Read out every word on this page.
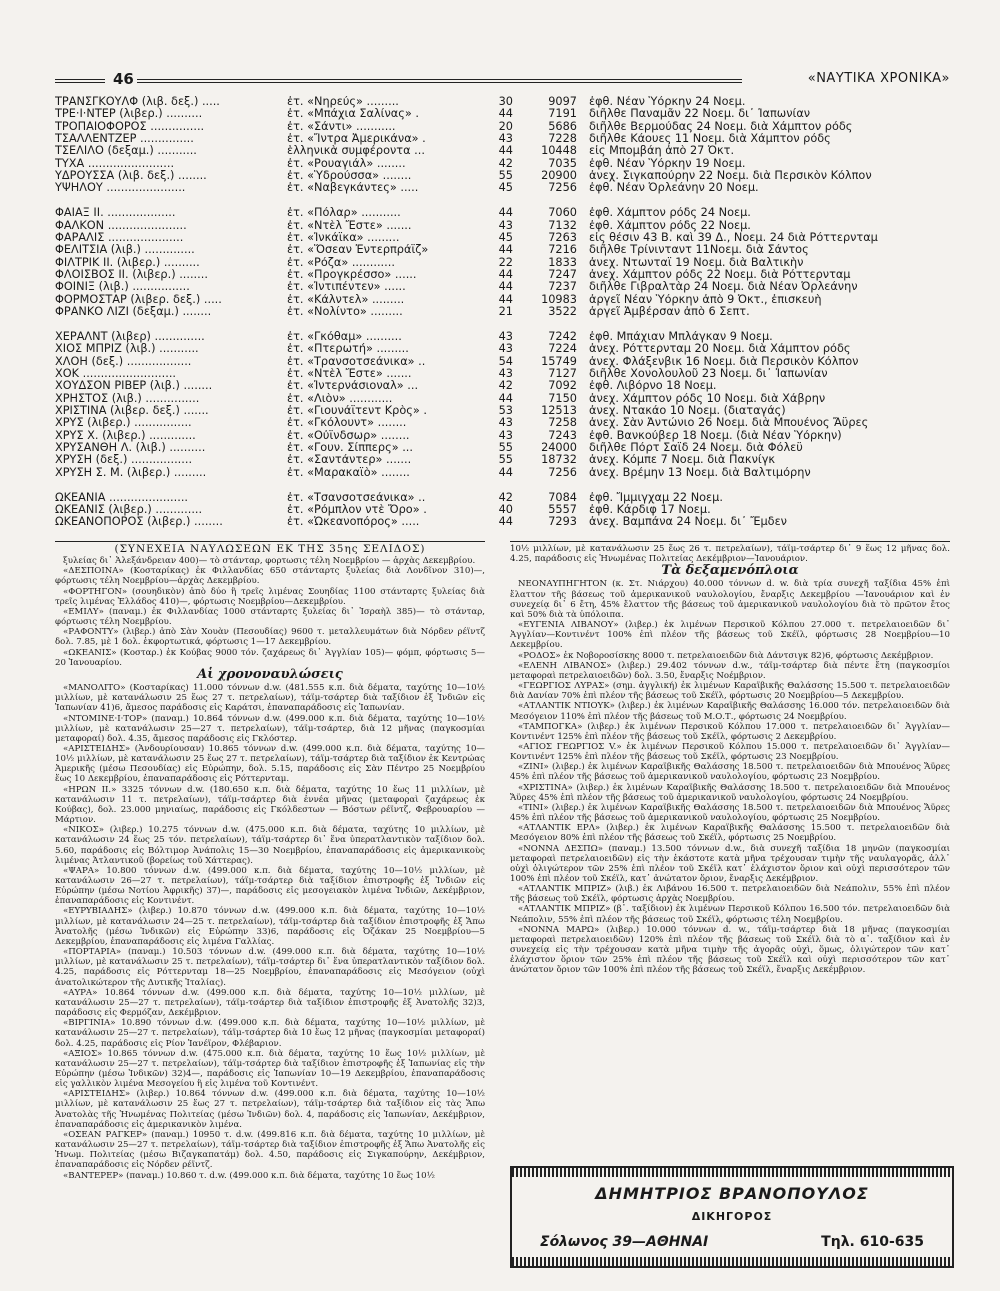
46	«ΝΑΥΤΙΚΑ ΧΡΟΝΙΚΑ»
ΤΡΑΝΣΓΚΟΥΛΦ (λιβ. δεξ.) .....	ἐτ. «Νηρεύς» .........	30	9097	ἐφθ. Νέαν Ὑόρκην 24 Νοεμ.
ΤΡΕ·Ι·ΝΤΕΡ (λιβερ.) ..........	ἐτ. «Μπάχια Σαλίνας» .	44	7191	διῆλθε Παναμᾶν 22 Νοεμ. δι᾽ Ἰαπωνίαν
ΤΡΟΠΑΙΟΦΟΡΟΣ ...............	ἐτ. «Σάντι» ...........	20	5686	διῆλθε Βερμούδας 24 Νοεμ. διὰ Χάμπτον ρόδς
ΤΣΑΛΛΕΝΤΖΕΡ ...............	ἐτ. «Ἴντρα Ἀμερικάνα» .	43	7228	διῆλθε Κάουες 11 Νοεμ. διὰ Χάμπτον ρόδς
ΤΣΕΛΙΛΟ (δεξαμ.) ...........	ἑλληνικὰ συμφέροντα ...	44	10448	εἰς Μπομβάη ἀπὸ 27 Ὀκτ.
ΤΥΧΑ ........................	ἐτ. «Ρουαγιάλ» ........	42	7035	ἐφθ. Νέαν Ὑόρκην 19 Νοεμ.
ΥΔΡΟΥΣΣΑ (λιβ. δεξ.) ........	ἐτ. «Ὑδρούσσα» ........	55	20900	ἀνεχ. Σιγκαπούρην 22 Νοεμ. διὰ Περσικὸν Κόλπον
ΥΨΗΛΟΥ ......................	ἐτ. «Ναβεγκάντες» .....	45	7256	ἐφθ. Νέαν Ὀρλεάνην 20 Νοεμ.
ΦΑΙΑΞ ΙΙ. ...................	ἐτ. «Πόλαρ» ...........	44	7060	ἐφθ. Χάμπτον ρόδς 24 Νοεμ.
ΦΑΛΚΟΝ ......................	ἐτ. «Ντὲλ Ἔστε» .......	43	7132	ἐφθ. Χάμπτον ρόδς 22 Νοεμ.
ΦΑΡΑΛΙΣ .....................	ἐτ. «Ἰνκάϊκα» .........	45	7263	εἰς θέσιν 43 Β. καὶ 39 Δ., Νοεμ. 24 διὰ Ρόττερνταμ
ΦΕΛΙΤΣΙΑ (λιβ.) ..............	ἐτ. «Ὅσεαν Ἐντερπράϊζ»	44	7216	διῆλθε Τρίνινταντ 11Νοεμ. διὰ Σάντος
ΦΙΛΤΡΙΚ ΙΙ. (λιβερ.) ..........	ἐτ. «Ρόζα» ............	22	1833	ἀνεχ. Ντωνταῒ 19 Νοεμ. διὰ Βαλτικὴν
ΦΛΟΙΣΒΟΣ ΙΙ. (λιβερ.) ........	ἐτ. «Προγκρέσσο» ......	44	7247	ἀνεχ. Χάμπτον ρόδς 22 Νοεμ. διὰ Ρόττερνταμ
ΦΟΙΝΙΞ (λιβ.) ................	ἐτ. «Ἰντιπέντεν» ......	44	7237	διῆλθε Γιβραλτὰρ 24 Νοεμ. διὰ Νέαν Ὀρλεάνην
ΦΟΡΜΟΣΤΑΡ (λιβερ. δεξ.) .....	ἐτ. «Κάλντελ» .........	44	10983	ἀργεῖ Νέαν Ὑόρκην ἀπὸ 9 Ὀκτ., ἐπισκευὴ
ΦΡΑΝΚΟ ΛΙΖΙ (δεξαμ.) ........	ἐτ. «Νολίντο» .........	21	3522	ἀργεῖ Ἀμβέρσαν ἀπὸ 6 Σεπτ.
ΧΕΡΑΛΝΤ (λιβερ) ..............	ἐτ. «Γκόθαμ» ..........	43	7242	ἐφθ. Μπάχιαν Μπλάγκαν 9 Νοεμ.
ΧΙΟΣ ΜΠΡΙΖ (λιβ.) ...........	ἐτ. «Πτερωτή» .........	43	7224	ἀνεχ. Ρόττερνταμ 20 Νοεμ. διὰ Χάμπτον ρόδς
ΧΛΟΗ (δεξ.) ..................	ἐτ. «Τρανσοτσεάνικα» ..	54	15749	ἀνεχ. Φλάξενβικ 16 Νοεμ. διὰ Περσικὸν Κόλπον
ΧΟΚ ..........................	ἐτ. «Ντὲλ Ἔστε» .......	43	7127	διῆλθε Χονολουλοῦ 23 Νοεμ. δι᾽ Ἰαπωνίαν
ΧΟΥΔΣΟΝ ΡΙΒΕΡ (λιβ.) ........	ἐτ. «Ἰντερνάσιοναλ» ...	42	7092	ἐφθ. Λιβόρνο 18 Νοεμ.
ΧΡΗΣΤΟΣ (λιβ.) ...............	ἐτ. «Λιὸν» ............	44	7150	ἀνεχ. Χάμπτον ρόδς 10 Νοεμ. διὰ Χάβρην
ΧΡΙΣΤΙΝΑ (λιβερ. δεξ.) .......	ἐτ. «Γιουνάϊτεντ Κρὸς» .	53	12513	ἀνεχ. Ντακάο 10 Νοεμ. (διαταγάς)
ΧΡΥΣ (λιβερ.) ................	ἐτ. «Γκόλουντ» ........	43	7258	ἀνεχ. Σὰν Ἀντώνιο 26 Νοεμ. διὰ Μπουένος Ἄϋρες
ΧΡΥΣ Χ. (λιβερ.) .............	ἐτ. «Οὐϊνδσωρ» ........	43	7243	ἐφθ. Βανκούβερ 18 Νοεμ. (διὰ Νέαν Ὑόρκην)
ΧΡΥΣΑΝΘΗ Λ. (λιβ.) ..........	ἐτ. «Γουν. Σίππερς» ...	55	24000	διῆλθε Πόρτ Σαῒδ 24 Νοεμ. διὰ Φόλεϋ
ΧΡΥΣΗ (δεξ.) .................	ἐτ. «Σαντάντερ» .......	55	18732	ἀνεχ. Κόμπε 7 Νοεμ. διὰ Πακνίγκ
ΧΡΥΣΗ Σ. Μ. (λιβερ.) .........	ἐτ. «Μαρακαϊὸ» ........	44	7256	ἀνεχ. Βρέμην 13 Νοεμ. διὰ Βαλτιμόρην
ΩΚΕΑΝΙΑ ......................	ἐτ. «Τσανσοτσεάνικα» ..	42	7084	ἐφθ. Ἴμμιγχαμ 22 Νοεμ.
ΩΚΕΑΝΙΣ (λιβερ.) .............	ἐτ. «Ρόμπλον ντὲ Ὄρο» .	40	5557	ἐφθ. Κάρδιφ 17 Νοεμ.
ΩΚΕΑΝΟΠΟΡΟΣ (λιβερ.) ........	ἐτ. «Ὠκεανοπόρος» .....	44	7293	ἀνεχ. Βαμπάνα 24 Νοεμ. δι᾽ Ἔμδεν

(ΣΥΝΕΧΕΙΑ ΝΑΥΛΩΣΕΩΝ ΕΚ ΤΗΣ 35ης ΣΕΛΙΔΟΣ)

ξυλείας δι᾽ Ἀλεξάνδρειαν 400)— τὸ στάνταρ, φορτωσις τέλη Νοεμβρίου — ἀρχὰς Δεκεμβρίου.

«ΔΕΣΠΟΙΝΑ» (Κοσταρίκας) ἐκ Φιλλανδίας 650 στάνταρτς ξυλείας διὰ Λονδῖνον 310)—, φόρτωσις τέλη Νοεμβρίου—ἀρχὰς Δεκεμβρίου.

«ΦΟΡΤΗΓΟΝ» (σουηδικὸν) ἀπὸ δύο ἢ τρεῖς λιμένας Σουηδίας 1100 στάνταρτς ξυλείας διὰ τρεῖς λιμένας Ἑλλάδος 410)—, φόρτωσις Νοεμβρίου—Δεκεμβρίου.

«ΕΜΙΛΥ» (παναμ.) ἐκ Φιλλανδίας 1000 στάνταρτς ξυλείας δι᾽ Ἰσραὴλ 385)— τὸ στάνταρ, φόρτωσις τέλη Νοεμβρίου.

«ΡΑΦΟΝΤΥ» (λιβερ.) ἀπὸ Σὰν Χουὰν (Πεσουδίας) 9600 τ. μεταλλευμάτων διὰ Νόρδεν ρέϊντζ δολ. 7.85, μὲ 1 δολ. ἐκφορτωτικά, φόρτωσις 1—17 Δεκεμβρίου.

«ΩΚΕΑΝΙΣ» (Κοσταρ.) ἐκ Κούβας 9000 τόν. ζαχάρεως δι᾽ Ἀγγλίαν 105)— φόμπ, φόρτωσις 5—20 Ἰανουαρίου.

Αἱ χρονοναυλώσεις

«ΜΑΝΟΛΙΤΟ» (Κοσταρίκας) 11.000 τόννων d.w. (481.555 κ.π. διὰ δέματα, ταχύτης 10—10½ μιλλίων, μὲ κατανάλωσιν 25 ἕως 27 τ. πετρελαίων), τάϊμ-τσάρτερ διὰ ταξίδιον ἐξ Ἰνδιῶν εἰς Ἰαπωνίαν 41)6, ἄμεσος παράδοσις εἰς Καράτσι, ἐπαναπαράδοσις εἰς Ἰαπωνίαν.

«ΝΤΟΜΙΝΕ·Ι·ΤΟΡ» (παναμ.) 10.864 τόννων d.w. (499.000 κ.π. διὰ δέματα, ταχύτης 10—10½ μιλλίων, μὲ κατανάλωσιν 25—27 τ. πετρελαίων), τάϊμ-τσάρτερ, διὰ 12 μῆνας (παγκοσμίαι μεταφοραί) δολ. 4.35, ἄμεσος παράδοσις εἰς Γκλόστερ.

«ΑΡΙΣΤΕΙΔΗΣ» (Ἀνδουρίουσαν) 10.865 τόννων d.w. (499.000 κ.π. διὰ δέματα, ταχύτης 10—10½ μιλλίων, μὲ κατανάλωσιν 25 ἕως 27 τ. πετρελαίων), τάϊμ-τσάρτερ διὰ ταξίδιον ἐκ Κεντρώας Ἀμερικῆς (μέσω Πεσουδίας) εἰς Εὐρώπην, δολ. 5.15, παράδοσις εἰς Σὰν Πέντρο 25 Νοεμβρίου ἕως 10 Δεκεμβρίου, ἐπαναπαράδοσις εἰς Ρόττερνταμ.

«ΗΡΩΝ ΙΙ.» 3325 τόννων d.w. (180.650 κ.π. διὰ δέματα, ταχύτης 10 ἕως 11 μιλλίων, μὲ κατανάλωσιν 11 τ. πετρελαίων), τάϊμ-τσάρτερ διὰ ἐννέα μῆνας (μεταφοραὶ ζαχάρεως ἐκ Κούβας), δολ. 23.000 μηνιαίως, παράδοσις εἰς Γκόλδεστων — Βόστων ρέϊντζ, Φεβρουαρίου — Μάρτιον.

«ΝΙΚΟΣ» (λιβερ.) 10.275 τόννων d.w. (475.000 κ.π. διὰ δέματα, ταχύτης 10 μιλλίων, μὲ κατανάλωσιν 24 ἕως 25 τόν. πετρελαίων), τάϊμ-τσάρτερ δι᾽ ἕνα ὑπερατλαντικὸν ταξίδιον δολ. 5.60, παράδοσις εἰς Βόλτιμορ Ἀνάπολις 15—30 Νοεμβρίου, ἐπαναπαράδοσις εἰς ἀμερικανικοὺς λιμένας Ἀτλαντικοῦ (βορείως τοῦ Χάττερας).

«ΨΑΡΑ» 10.800 τόννων d.w. (499.000 κ.π. διὰ δέματα, ταχύτης 10—10½ μιλλίων, μὲ κατανάλωσιν 26—27 τ. πετρελαίων), τάϊμ-τσάρτερ διὰ ταξίδιον ἐπιστροφῆς ἐξ Ἰνδιῶν εἰς Εὐρώπην (μέσω Νοτίου Ἀφρικῆς) 37)—, παράδοσις εἰς μεσογειακὸν λιμένα Ἰνδιῶν, Δεκέμβριον, ἐπαναπαράδοσις εἰς Κοντινέντ.

«ΕΥΡΥΒΙΑΔΗΣ» (λιβερ.) 10.870 τόννων d.w. (499.000 κ.π. διὰ δέματα, ταχύτης 10—10½ μιλλίων, μὲ κατανάλωσιν 24—25 τ. πετρελαίων), τάϊμ-τσάρτερ διὰ ταξίδιον ἐπιστροφῆς ἐξ Ἄπω Ἀνατολῆς (μέσω Ἰνδικῶν) εἰς Εὐρώπην 33)6, παράδοσις εἰς Ὀζάκαν 25 Νοεμβρίου—5 Δεκεμβρίου, ἐπαναπαράδοσις εἰς λιμένα Γαλλίας.

«ΠΟΡΤΑΡΙΑ» (παναμ.) 10.503 τόννων d.w. (499.000 κ.π. διὰ δέματα, ταχύτης 10—10½ μιλλίων, μὲ κατανάλωσιν 25 τ. πετρελαίων), τάϊμ-τσάρτερ δι᾽ ἕνα ὑπερατλαντικὸν ταξίδιον δολ. 4.25, παράδοσις εἰς Ρόττερνταμ 18—25 Νοεμβρίου, ἐπαναπαράδοσις εἰς Μεσόγειον (οὐχὶ ἀνατολικώτερον τῆς Δυτικῆς Ἰταλίας).

«ΑΥΡΑ» 10.864 τόννων d.w. (499.000 κ.π. διὰ δέματα, ταχύτης 10—10½ μιλλίων, μὲ κατανάλωσιν 25—27 τ. πετρελαίων), τάϊμ-τσάρτερ διὰ ταξίδιον ἐπιστροφῆς ἐξ Ἀνατολῆς 32)3, παράδοσις εἰς Φερμόζαν, Δεκέμβριον.

«ΒΙΡΓΙΝΙΑ» 10.890 τόννων d.w. (499.000 κ.π. διὰ δέματα, ταχύτης 10—10½ μιλλίων, μὲ κατανάλωσιν 25—27 τ. πετρελαίων), τάϊμ-τσάρτερ διὰ 10 ἕως 12 μῆνας (παγκοσμίαι μεταφοραί) δολ. 4.25, παράδοσις εἰς Ρίον Ἰανέϊρον, Φλέβαριον.

«ΑΞΙΟΣ» 10.865 τόννων d.w. (475.000 κ.π. διὰ δέματα, ταχύτης 10 ἕως 10½ μιλλίων, μὲ κατανάλωσιν 25—27 τ. πετρελαίων), τάϊμ-τσάρτερ διὰ ταξίδιον ἐπιστροφῆς ἐξ Ἰαπωνίας εἰς τὴν Εὐρώπην (μέσω Ἰνδικῶν) 32)4—, παράδοσις εἰς Ἰαπωνίαν 10—19 Δεκεμβρίου, ἐπαναπαράδοσις εἰς γαλλικὸν λιμένα Μεσογείου ἢ εἰς λιμένα τοῦ Κοντινέντ.

«ΑΡΙΣΤΕΙΔΗΣ» (λιβερ.) 10.864 τόννων d.w. (499.000 κ.π. διὰ δέματα, ταχύτης 10—10½ μιλλίων, μὲ κατανάλωσιν 25 ἕως 27 τ. πετρελαίων), τάϊμ-τσάρτερ διὰ ταξίδιον εἰς τὰς Ἄπω Ἀνατολὰς τῆς Ἡνωμένας Πολιτείας (μέσω Ἰνδιῶν) δολ. 4, παράδοσις εἰς Ἰαπωνίαν, Δεκέμβριον, ἐπαναπαράδοσις εἰς ἀμερικανικὸν λιμένα.

«ΟΣΕΑΝ ΡΑΓΚΕΡ» (παναμ.) 10950 τ. d.w. (499.816 κ.π. διὰ δέματα, ταχύτης 10 μιλλίων, μὲ κατανάλωσιν 25—27 τ. πετρελαίων), τάϊμ-τσάρτερ διὰ ταξίδιον ἐπιστροφῆς ἐξ Ἄπω Ἀνατολῆς εἰς Ἡνωμ. Πολιτείας (μέσω Βιζαγκαπατάμ) δολ. 4.50, παράδοσις εἰς Σιγκαπούρην, Δεκέμβριον, ἐπαναπαράδοσις εἰς Νόρδεν ρέϊντζ.

«ΒΑΝΤΕΡΕΡ» (παναμ.) 10.860 τ. d.w. (499.000 κ.π. διὰ δέματα, ταχύτης 10 ἕως 10½

10½ μιλλίων, μὲ κατανάλωσιν 25 ἕως 26 τ. πετρελαίων), τάϊμ-τσάρτερ δι᾽ 9 ἕως 12 μῆνας δολ. 4.25, παράδοσις εἰς Ἡνωμένας Πολιτείας Δεκέμβριον—Ἰανουάριον.

Τὰ δεξαμενόπλοια

ΝΕΟΝΑΥΠΗΓΗΤΟΝ (κ. Στ. Νιάρχου) 40.000 τόννων d. w. διὰ τρία συνεχῆ ταξίδια 45% ἐπὶ ἔλαττον τῆς βάσεως τοῦ ἀμερικανικοῦ ναυλολογίου, ἔναρξις Δεκεμβρίου —Ἰανουάριον καὶ ἐν συνεχείᾳ δι᾽ 6 ἔτη, 45% ἔλαττον τῆς βάσεως τοῦ ἀμερικανικοῦ ναυλολογίου διὰ τὸ πρῶτον ἔτος καὶ 50% διὰ τὰ ὑπόλοιπα.

«ΕΥΓΕΝΙΑ ΛΙΒΑΝΟΥ» (λιβερ.) ἐκ λιμένων Περσικοῦ Κόλπου 27.000 τ. πετρελαιοειδῶν δι᾽ Ἀγγλίαν—Κοντινέντ 100% ἐπὶ πλέον τῆς βάσεως τοῦ Σκέϊλ, φόρτωσις 28 Νοεμβρίου—10 Δεκεμβρίου.

«ΡΟΔΟΣ» ἐκ Νοβοροσίσκης 8000 τ. πετρελαιοειδῶν διὰ Δάντσιγκ 82)6, φόρτωσις Δεκέμβριον.

«ΕΛΕΝΗ ΛΙΒΑΝΟΣ» (λιβερ.) 29.402 τόννων d.w., τάϊμ-τσάρτερ διὰ πέντε ἔτη (παγκοσμίοι μεταφοραὶ πετρελαιοειδῶν) δολ. 3.50, ἔναρξις Νοέμβριον.

«ΓΕΩΡΓΙΟΣ ΛΥΡΑΣ» (σημ. ἀγγλική) ἐκ λιμένων Καραϊβικῆς Θαλάσσης 15.500 τ. πετρελαιοειδῶν διὰ Δανίαν 70% ἐπὶ πλέον τῆς βάσεως τοῦ Σκέϊλ, φόρτωσις 20 Νοεμβρίου—5 Δεκεμβρίου.

«ΑΤΛΑΝΤΙΚ ΝΤΙΟΥΚ» (λιβερ.) ἐκ λιμένων Καραϊβικῆς Θαλάσσης 16.000 τόν. πετρελαιοειδῶν διὰ Μεσόγειον 110% ἐπὶ πλέον τῆς βάσεως τοῦ Μ.Ο.Τ., φόρτωσις 24 Νοεμβρίου.

«ΤΑΜΠΟΓΚΑ» (λιβερ.) ἐκ λιμένων Περσικοῦ Κόλπου 17.000 τ. πετρελαιοειδῶν δι᾽ Ἀγγλίαν—Κοντινέντ 125% ἐπὶ πλέον τῆς βάσεως τοῦ Σκέϊλ, φόρτωσις 2 Δεκεμβρίου.

«ΑΓΙΟΣ ΓΕΩΡΓΙΟΣ V.» ἐκ λιμένων Περσικοῦ Κόλπου 15.000 τ. πετρελαιοειδῶν δι᾽ Ἀγγλίαν—Κοντινέντ 125% ἐπὶ πλέον τῆς βάσεως τοῦ Σκέϊλ, φόρτωσις 23 Νοεμβρίου.

«ΖΙΝΙ» (λιβερ.) ἐκ λιμένων Καραϊβικῆς Θαλάσσης 18.500 τ. πετρελαιοειδῶν διὰ Μπουένος Ἄϋρες 45% ἐπὶ πλέον τῆς βάσεως τοῦ ἀμερικανικοῦ ναυλολογίου, φόρτωσις 23 Νοεμβρίου.

«ΧΡΙΣΤΙΝΑ» (λιβερ.) ἐκ λιμένων Καραϊβικῆς Θαλάσσης 18.500 τ. πετρελαιοειδῶν διὰ Μπουένος Ἄϋρες 45% ἐπὶ πλέον τῆς βάσεως τοῦ ἀμερικανικοῦ ναυλολογίου, φόρτωσις 24 Νοεμβρίου.

«ΤΙΝΙ» (λιβερ.) ἐκ λιμένων Καραϊβικῆς Θαλάσσης 18.500 τ. πετρελαιοειδῶν διὰ Μπουένος Ἄϋρες 45% ἐπὶ πλέον τῆς βάσεως τοῦ ἀμερικανικοῦ ναυλολογίου, φόρτωσις 25 Νοεμβρίου.

«ΑΤΛΑΝΤΙΚ ΕΡΛ» (λιβερ.) ἐκ λιμένων Καραϊβικῆς Θαλάσσης 15.500 τ. πετρελαιοειδῶν διὰ Μεσόγειον 80% ἐπὶ πλέον τῆς βάσεως τοῦ Σκέϊλ, φόρτωσις 25 Νοεμβρίου.

«ΝΟΝΝΑ ΔΕΣΠΩ» (παναμ.) 13.500 τόννων d.w., διὰ συνεχῆ ταξίδια 18 μηνῶν (παγκοσμίαι μεταφοραὶ πετρελαιοειδῶν) εἰς τὴν ἑκάστοτε κατὰ μῆνα τρέχουσαν τιμὴν τῆς ναυλαγορᾶς, ἀλλ᾽ οὐχὶ ὀλιγώτερον τῶν 25% ἐπὶ πλέον τοῦ Σκέϊλ κατ᾽ ἐλάχιστον ὅριον καὶ οὐχὶ περισσότερον τῶν 100% ἐπὶ πλέον τοῦ Σκέϊλ, κατ᾽ ἀνώτατον ὅριον, ἔναρξις Δεκέμβριον.

«ΑΤΛΑΝΤΙΚ ΜΠΡΙΖ» (λιβ.) ἐκ Λιβάνου 16.500 τ. πετρελαιοειδῶν διὰ Νεάπολιν, 55% ἐπὶ πλέον τῆς βάσεως τοῦ Σκέϊλ, φόρτωσις ἀρχὰς Νοεμβρίου.

«ΑΤΛΑΝΤΙΚ ΜΠΡΙΖ» (β᾽. ταξίδιον) ἐκ λιμένων Περσικοῦ Κόλπου 16.500 τόν. πετρελαιοειδῶν διὰ Νεάπολιν, 55% ἐπὶ πλέον τῆς βάσεως τοῦ Σκέϊλ, φόρτωσις τέλη Νοεμβρίου.

«ΝΟΝΝΑ ΜΑΡΩ» (λιβερ.) 10.000 τόννων d. w., τάϊμ-τσάρτερ διὰ 18 μῆνας (παγκοσμίαι μεταφοραὶ πετρελαιοειδῶν) 120% ἐπὶ πλέον τῆς βάσεως τοῦ Σκέϊλ διὰ τὸ α᾽. ταξίδιον καὶ ἐν συνεχείᾳ εἰς τὴν τρέχουσαν κατὰ μῆνα τιμὴν τῆς ἀγορᾶς οὐχὶ, ὅμως, ὀλιγώτερον τῶν κατ᾽ ἐλάχιστον ὅριον τῶν 25% ἐπὶ πλέον τῆς βάσεως τοῦ Σκέϊλ καὶ οὐχὶ περισσότερον τῶν κατ᾽ ἀνώτατον ὅριον τῶν 100% ἐπὶ πλέον τῆς βάσεως τοῦ Σκέϊλ, ἔναρξις Δεκέμβριον.

ΔΗΜΗΤΡΙΟΣ ΒΡΑΝΟΠΟΥΛΟΣ
ΔΙΚΗΓΟΡΟΣ
Σόλωνος 39—ΑΘΗΝΑΙ	Τηλ. 610-635
